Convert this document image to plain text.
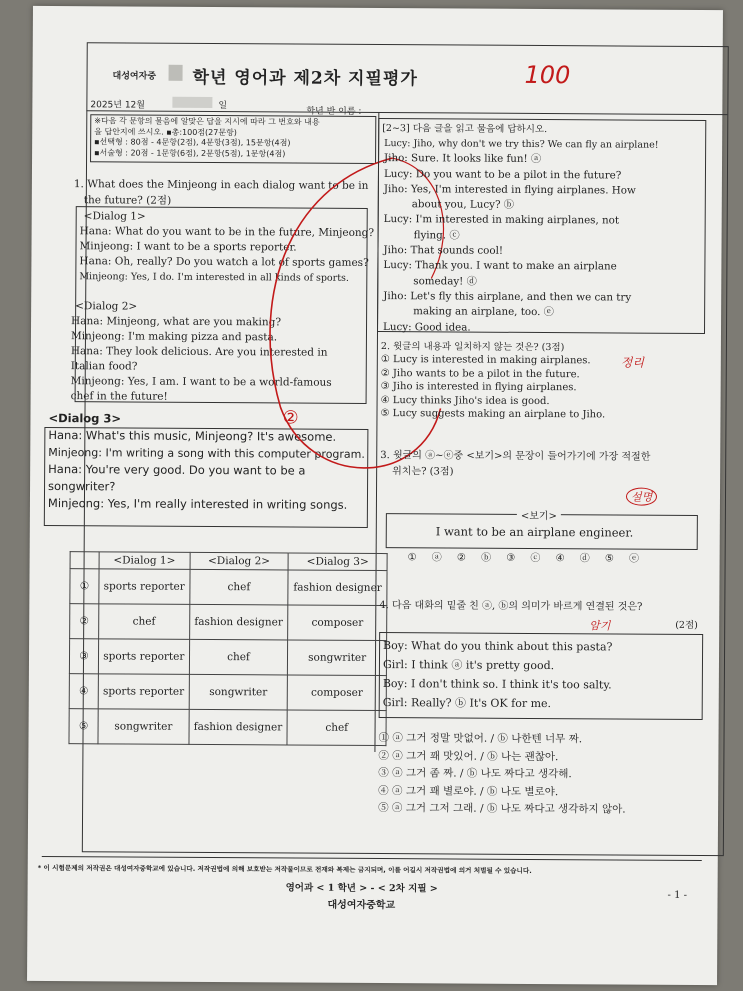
대성여자중 학년 영어과 제2차 지필평가	100
2025년 12월	일
학년 반 이름 :
※다음 각 문항의 물음에 알맞은 답을 지시에 따라 그 번호와 내용
을 답안지에 쓰시오. ▪총:100점(27문항)
▪선택형 : 80점 - 4문항(2점), 4문항(3점), 15문항(4점)
▪서술형 : 20점 - 1문항(6점), 2문항(5점), 1문항(4점)
1. What does the Minjeong in each dialog want to be in
the future? (2점)
<Dialog 1>
Hana: What do you want to be in the future, Minjeong?
Minjeong: I want to be a sports reporter.
Hana: Oh, really? Do you watch a lot of sports games?
Minjeong: Yes, I do. I'm interested in all kinds of sports.
<Dialog 2>
Hana: Minjeong, what are you making?
Minjeong: I'm making pizza and pasta.
Hana: They look delicious. Are you interested in
Italian food?
Minjeong: Yes, I am. I want to be a world-famous
chef in the future!
<Dialog 3>
Hana: What's this music, Minjeong? It's awesome.
Minjeong: I'm writing a song with this computer program.
Hana: You're very good. Do you want to be a
songwriter?
Minjeong: Yes, I'm really interested in writing songs.
②
	<Dialog 1>	<Dialog 2>	<Dialog 3>
①	sports reporter	chef	fashion designer
②	chef	fashion designer	composer
③	sports reporter	chef	songwriter
④	sports reporter	songwriter	composer
⑤	songwriter	fashion designer	chef
[2~3] 다음 글을 읽고 물음에 답하시오.
Lucy: Jiho, why don't we try this? We can fly an airplane!
Jiho: Sure. It looks like fun! ⓐ
Lucy: Do you want to be a pilot in the future?
Jiho: Yes, I'm interested in flying airplanes. How
about you, Lucy? ⓑ
Lucy: I'm interested in making airplanes, not
flying. ⓒ
Jiho: That sounds cool!
Lucy: Thank you. I want to make an airplane
someday! ⓓ
Jiho: Let's fly this airplane, and then we can try
making an airplane, too. ⓔ
Lucy: Good idea.
2. 윗글의 내용과 일치하지 않는 것은? (3점)
① Lucy is interested in making airplanes.
② Jiho wants to be a pilot in the future.
③ Jiho is interested in flying airplanes.
④ Lucy thinks Jiho's idea is good.
⑤ Lucy suggests making an airplane to Jiho.
정리
3. 윗글의 ⓐ~ⓔ중 <보기>의 문장이 들어가기에 가장 적절한
위치는? (3점)
설명
<보기>
I want to be an airplane engineer.
① ⓐ ② ⓑ ③ ⓒ ④ ⓓ ⑤ ⓔ
4. 다음 대화의 밑줄 친 ⓐ, ⓑ의 의미가 바르게 연결된 것은?
(2점)
암기
Boy: What do you think about this pasta?
Girl: I think ⓐ it's pretty good.
Boy: I don't think so. I think it's too salty.
Girl: Really? ⓑ It's OK for me.
① ⓐ 그거 정말 맛없어. / ⓑ 나한텐 너무 짜.
② ⓐ 그거 꽤 맛있어. / ⓑ 나는 괜찮아.
③ ⓐ 그거 좀 짜. / ⓑ 나도 짜다고 생각해.
④ ⓐ 그거 꽤 별로야. / ⓑ 나도 별로야.
⑤ ⓐ 그거 그저 그래. / ⓑ 나도 짜다고 생각하지 않아.
* 이 시험문제의 저작권은 대성여자중학교에 있습니다. 저작권법에 의해 보호받는 저작물이므로 전재와 복제는 금지되며, 이를 어길시 저작권법에 의거 처벌될 수 있습니다.
영어과 < 1 학년 > - < 2차 지필 >
대성여자중학교
- 1 -
